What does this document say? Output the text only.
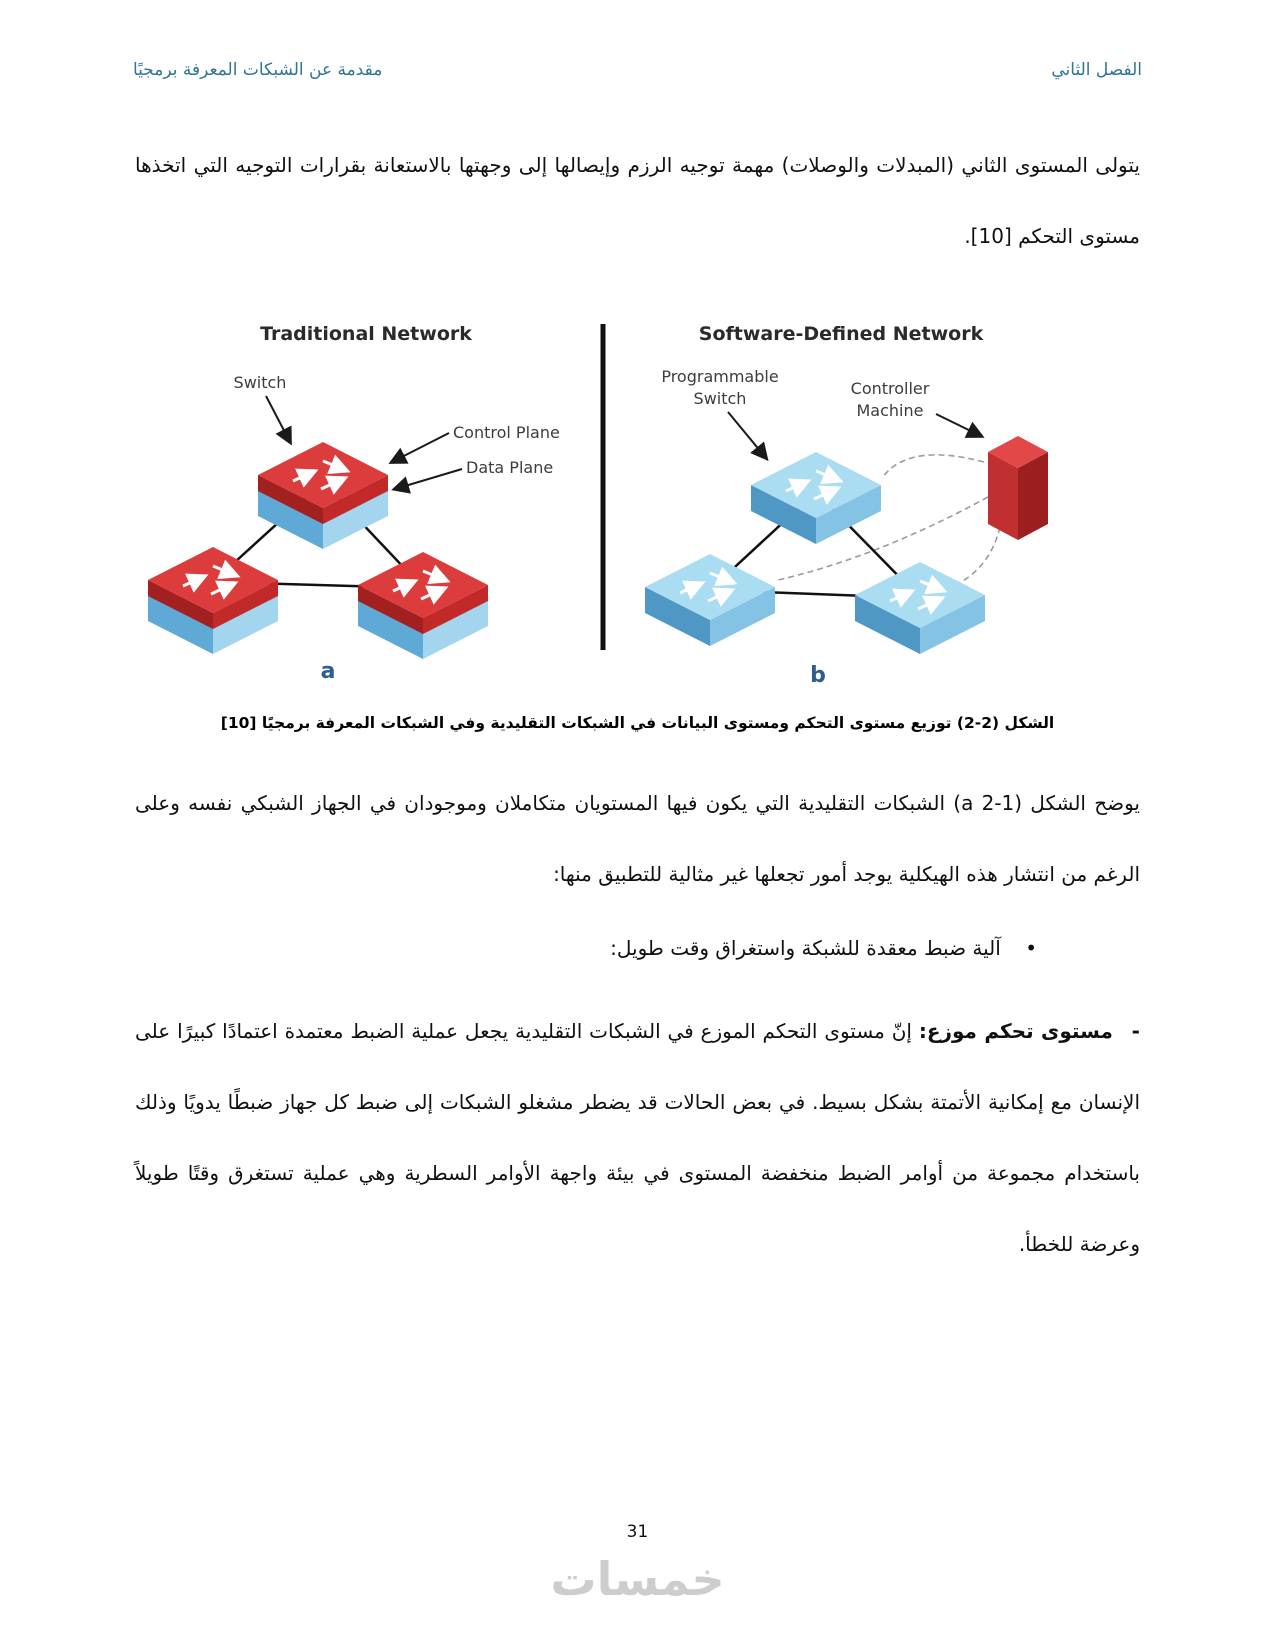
الفصل الثاني
مقدمة عن الشبكات المعرفة برمجيًا

يتولى المستوى الثاني (المبدلات والوصلات) مهمة توجيه الرزم وإيصالها إلى وجهتها بالاستعانة بقرارات التوجيه التي اتخذها مستوى التحكم [10].

Traditional Network
Switch
Control Plane
Data Plane
a
Software-Defined Network
Programmable
Switch
Controller
Machine
b

الشكل (2-2) توزيع مستوى التحكم ومستوى البيانات في الشبكات التقليدية وفي الشبكات المعرفة برمجيًا [10]

يوضح الشكل (a 2-1) الشبكات التقليدية التي يكون فيها المستويان متكاملان وموجودان في الجهاز الشبكي نفسه وعلى الرغم من انتشار هذه الهيكلية يوجد أمور تجعلها غير مثالية للتطبيق منها:

• آلية ضبط معقدة للشبكة واستغراق وقت طويل:

- مستوى تحكم موزع: إنّ مستوى التحكم الموزع في الشبكات التقليدية يجعل عملية الضبط معتمدة اعتمادًا كبيرًا على الإنسان مع إمكانية الأتمتة بشكل بسيط. في بعض الحالات قد يضطر مشغلو الشبكات إلى ضبط كل جهاز ضبطًا يدويًا وذلك باستخدام مجموعة من أوامر الضبط منخفضة المستوى في بيئة واجهة الأوامر السطرية وهي عملية تستغرق وقتًا طويلاً وعرضة للخطأ.

31
خمسات
